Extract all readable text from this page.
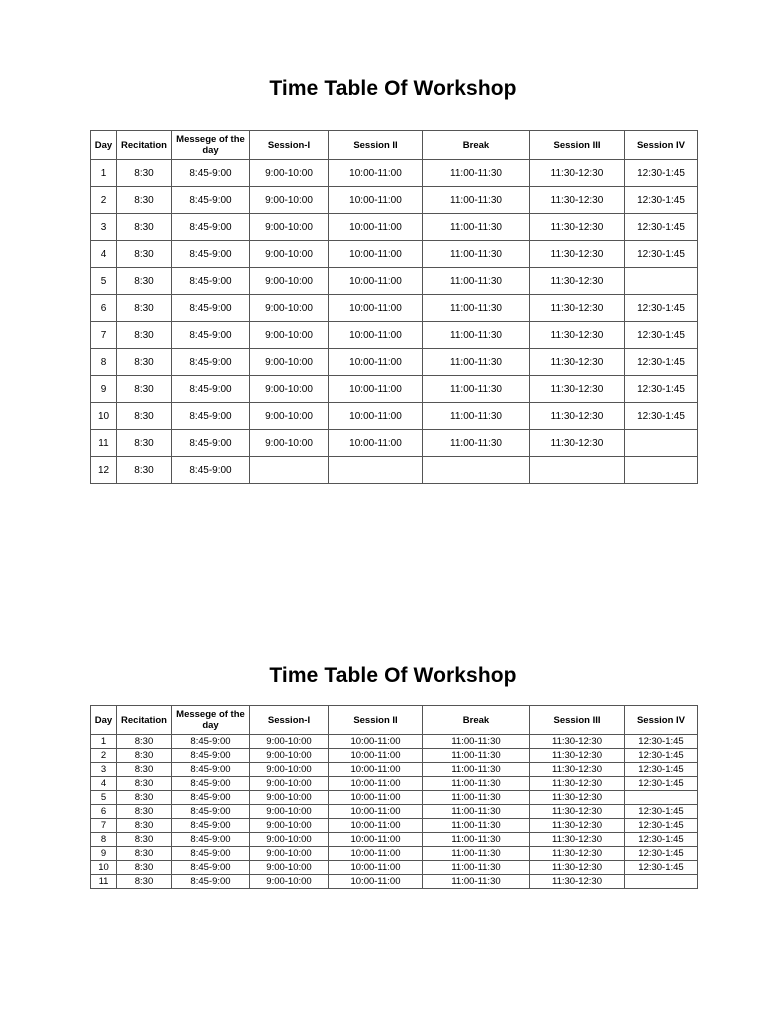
Time Table Of Workshop
Day	Recitation	Messege of the day	Session-I	Session II	Break	Session III	Session IV
1	8:30	8:45-9:00	9:00-10:00	10:00-11:00	11:00-11:30	11:30-12:30	12:30-1:45
2	8:30	8:45-9:00	9:00-10:00	10:00-11:00	11:00-11:30	11:30-12:30	12:30-1:45
3	8:30	8:45-9:00	9:00-10:00	10:00-11:00	11:00-11:30	11:30-12:30	12:30-1:45
4	8:30	8:45-9:00	9:00-10:00	10:00-11:00	11:00-11:30	11:30-12:30	12:30-1:45
5	8:30	8:45-9:00	9:00-10:00	10:00-11:00	11:00-11:30	11:30-12:30	
6	8:30	8:45-9:00	9:00-10:00	10:00-11:00	11:00-11:30	11:30-12:30	12:30-1:45
7	8:30	8:45-9:00	9:00-10:00	10:00-11:00	11:00-11:30	11:30-12:30	12:30-1:45
8	8:30	8:45-9:00	9:00-10:00	10:00-11:00	11:00-11:30	11:30-12:30	12:30-1:45
9	8:30	8:45-9:00	9:00-10:00	10:00-11:00	11:00-11:30	11:30-12:30	12:30-1:45
10	8:30	8:45-9:00	9:00-10:00	10:00-11:00	11:00-11:30	11:30-12:30	12:30-1:45
11	8:30	8:45-9:00	9:00-10:00	10:00-11:00	11:00-11:30	11:30-12:30	
12	8:30	8:45-9:00					
Time Table Of Workshop
Day	Recitation	Messege of the day	Session-I	Session II	Break	Session III	Session IV
1	8:30	8:45-9:00	9:00-10:00	10:00-11:00	11:00-11:30	11:30-12:30	12:30-1:45
2	8:30	8:45-9:00	9:00-10:00	10:00-11:00	11:00-11:30	11:30-12:30	12:30-1:45
3	8:30	8:45-9:00	9:00-10:00	10:00-11:00	11:00-11:30	11:30-12:30	12:30-1:45
4	8:30	8:45-9:00	9:00-10:00	10:00-11:00	11:00-11:30	11:30-12:30	12:30-1:45
5	8:30	8:45-9:00	9:00-10:00	10:00-11:00	11:00-11:30	11:30-12:30	
6	8:30	8:45-9:00	9:00-10:00	10:00-11:00	11:00-11:30	11:30-12:30	12:30-1:45
7	8:30	8:45-9:00	9:00-10:00	10:00-11:00	11:00-11:30	11:30-12:30	12:30-1:45
8	8:30	8:45-9:00	9:00-10:00	10:00-11:00	11:00-11:30	11:30-12:30	12:30-1:45
9	8:30	8:45-9:00	9:00-10:00	10:00-11:00	11:00-11:30	11:30-12:30	12:30-1:45
10	8:30	8:45-9:00	9:00-10:00	10:00-11:00	11:00-11:30	11:30-12:30	12:30-1:45
11	8:30	8:45-9:00	9:00-10:00	10:00-11:00	11:00-11:30	11:30-12:30	
